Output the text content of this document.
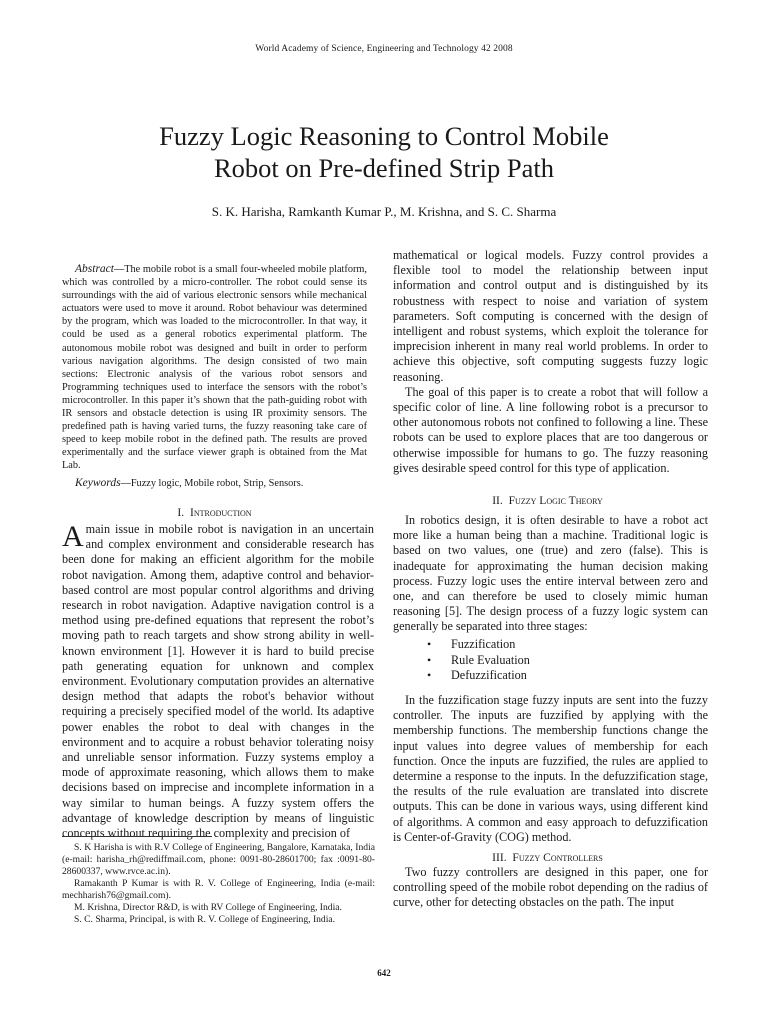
World Academy of Science, Engineering and Technology 42 2008
Fuzzy Logic Reasoning to Control Mobile
Robot on Pre-defined Strip Path
S. K. Harisha, Ramkanth Kumar P., M. Krishna, and S. C. Sharma

Abstract—The mobile robot is a small four-wheeled mobile platform, which was controlled by a micro-controller. The robot could sense its surroundings with the aid of various electronic sensors while mechanical actuators were used to move it around. Robot behaviour was determined by the program, which was loaded to the microcontroller. In that way, it could be used as a general robotics experimental platform. The autonomous mobile robot was designed and built in order to perform various navigation algorithms. The design consisted of two main sections: Electronic analysis of the various robot sensors and Programming techniques used to interface the sensors with the robot’s microcontroller. In this paper it’s shown that the path-guiding robot with IR sensors and obstacle detection is using IR proximity sensors. The predefined path is having varied turns, the fuzzy reasoning take care of speed to keep mobile robot in the defined path. The results are proved experimentally and the surface viewer graph is obtained from the Mat Lab.

Keywords—Fuzzy logic, Mobile robot, Strip, Sensors.

I. Introduction

Amain issue in mobile robot is navigation in an uncertain and complex environment and considerable research has been done for making an efficient algorithm for the mobile robot navigation. Among them, adaptive control and behavior-based control are most popular control algorithms and driving research in robot navigation. Adaptive navigation control is a method using pre-defined equations that represent the robot’s moving path to reach targets and show strong ability in well-known environment [1]. However it is hard to build precise path generating equation for unknown and complex environment. Evolutionary computation provides an alternative design method that adapts the robot's behavior without requiring a precisely specified model of the world. Its adaptive power enables the robot to deal with changes in the environment and to acquire a robust behavior tolerating noisy and unreliable sensor information. Fuzzy systems employ a mode of approximate reasoning, which allows them to make decisions based on imprecise and incomplete information in a way similar to human beings. A fuzzy system offers the advantage of knowledge description by means of linguistic concepts without requiring the complexity and precision of

S. K Harisha is with R.V College of Engineering, Bangalore, Karnataka, India (e-mail: harisha_rh@rediffmail.com, phone: 0091-80-28601700; fax :0091-80-28600337, www.rvce.ac.in).

Ramakanth P Kumar is with R. V. College of Engineering, India (e-mail: mechharish76@gmail.com).

M. Krishna, Director R&D, is with RV College of Engineering, India.

S. C. Sharma, Principal, is with R. V. College of Engineering, India.

mathematical or logical models. Fuzzy control provides a flexible tool to model the relationship between input information and control output and is distinguished by its robustness with respect to noise and variation of system parameters. Soft computing is concerned with the design of intelligent and robust systems, which exploit the tolerance for imprecision inherent in many real world problems. In order to achieve this objective, soft computing suggests fuzzy logic reasoning.

The goal of this paper is to create a robot that will follow a specific color of line. A line following robot is a precursor to other autonomous robots not confined to following a line. These robots can be used to explore places that are too dangerous or otherwise impossible for humans to go. The fuzzy reasoning gives desirable speed control for this type of application.

II. Fuzzy Logic Theory

In robotics design, it is often desirable to have a robot act more like a human being than a machine. Traditional logic is based on two values, one (true) and zero (false). This is inadequate for approximating the human decision making process. Fuzzy logic uses the entire interval between zero and one, and can therefore be used to closely mimic human reasoning [5]. The design process of a fuzzy logic system can generally be separated into three stages:

•	Fuzzification
•	Rule Evaluation
•	Defuzzification

In the fuzzification stage fuzzy inputs are sent into the fuzzy controller. The inputs are fuzzified by applying with the membership functions. The membership functions change the input values into degree values of membership for each function. Once the inputs are fuzzified, the rules are applied to determine a response to the inputs. In the defuzzification stage, the results of the rule evaluation are translated into discrete outputs. This can be done in various ways, using different kind of algorithms. A common and easy approach to defuzzification is Center-of-Gravity (COG) method.

III. Fuzzy Controllers

Two fuzzy controllers are designed in this paper, one for controlling speed of the mobile robot depending on the radius of curve, other for detecting obstacles on the path. The input

642
